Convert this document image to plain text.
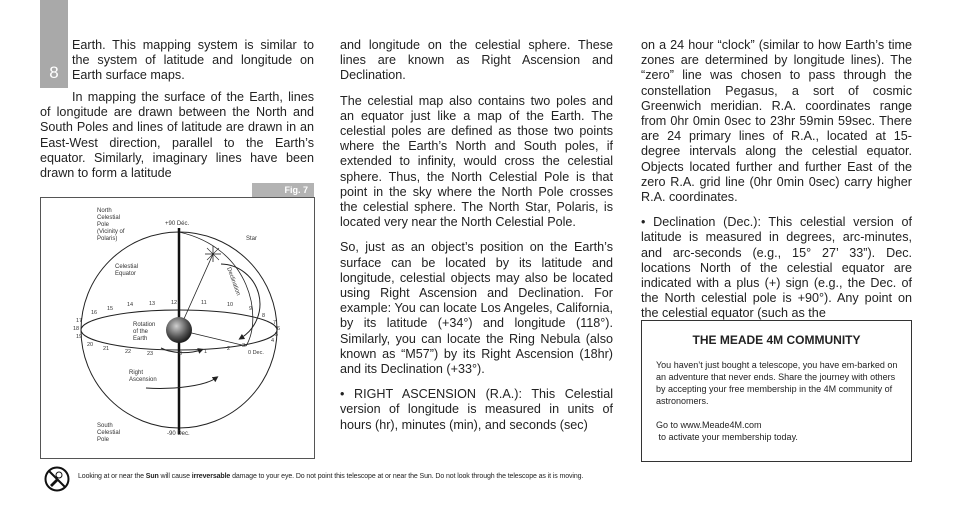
8

Earth. This mapping system is similar to the system of latitude and longitude on Earth surface maps.

In mapping the surface of the Earth, lines of longitude are drawn between the North and South Poles and lines of latitude are drawn in an East-West direction, parallel to the Earth’s equator. Similarly, imaginary lines have been drawn to form a latitude

Fig. 7
North
Celestial
Pole
(Vicinity of
Polaris)
+90 Déc.
Star
Celestial
Equator	Declination
Rotation
of the
Earth
Right
Ascension
South
Celestial
Pole
-90 Dec.
0 Dec.
16
15
14	13	12	11	10
9
8
7
6
5
4
17
18
19
20
21	22	23	0	1	2 3

and longitude on the celestial sphere. These lines are known as Right Ascension and Declination.

The celestial map also contains two poles and an equator just like a map of the Earth. The celestial poles are defined as those two points where the Earth’s North and South poles, if extended to infinity, would cross the celestial sphere. Thus, the North Celestial Pole is that point in the sky where the North Pole crosses the celestial sphere. The North Star, Polaris, is located very near the North Celestial Pole.

So, just as an object’s position on the Earth’s surface can be located by its latitude and longitude, celestial objects may also be located using Right Ascension and Declination. For example: You can locate Los Angeles, California, by its latitude (+34°) and longitude (118°). Similarly, you can locate the Ring Nebula (also known as “M57”) by its Right Ascension (18hr) and its Declination (+33°).

• RIGHT ASCENSION (R.A.): This Celestial version of longitude is measured in units of hours (hr), minutes (min), and seconds (sec)

on a 24 hour “clock” (similar to how Earth’s time zones are determined by longitude lines). The “zero” line was chosen to pass through the constellation Pegasus, a sort of cosmic Greenwich meridian. R.A. coordinates range from 0hr 0min 0sec to 23hr 59min 59sec. There are 24 primary lines of R.A., located at 15-degree intervals along the celestial equator. Objects located further and further East of the zero R.A. grid line (0hr 0min 0sec) carry higher R.A. coordinates.

• Declination (Dec.): This celestial version of latitude is measured in degrees, arc-minutes, and arc-seconds (e.g., 15° 27’ 33”). Dec. locations North of the celestial equator are indicated with a plus (+) sign (e.g., the Dec. of the North celestial pole is +90°). Any point on the celestial equator (such as the

THE MEADE 4M COMMUNITY
You haven’t just bought a telescope, you have em-barked on an adventure that never ends. Share the journey with others by accepting your free membership in the 4M community of astronomers.
Go to www.Meade4M.com
to activate your membership today.
Looking at or near the Sun will cause irreversable damage to your eye. Do not point this telescope at or near the Sun. Do not look through the telescope as it is moving.
